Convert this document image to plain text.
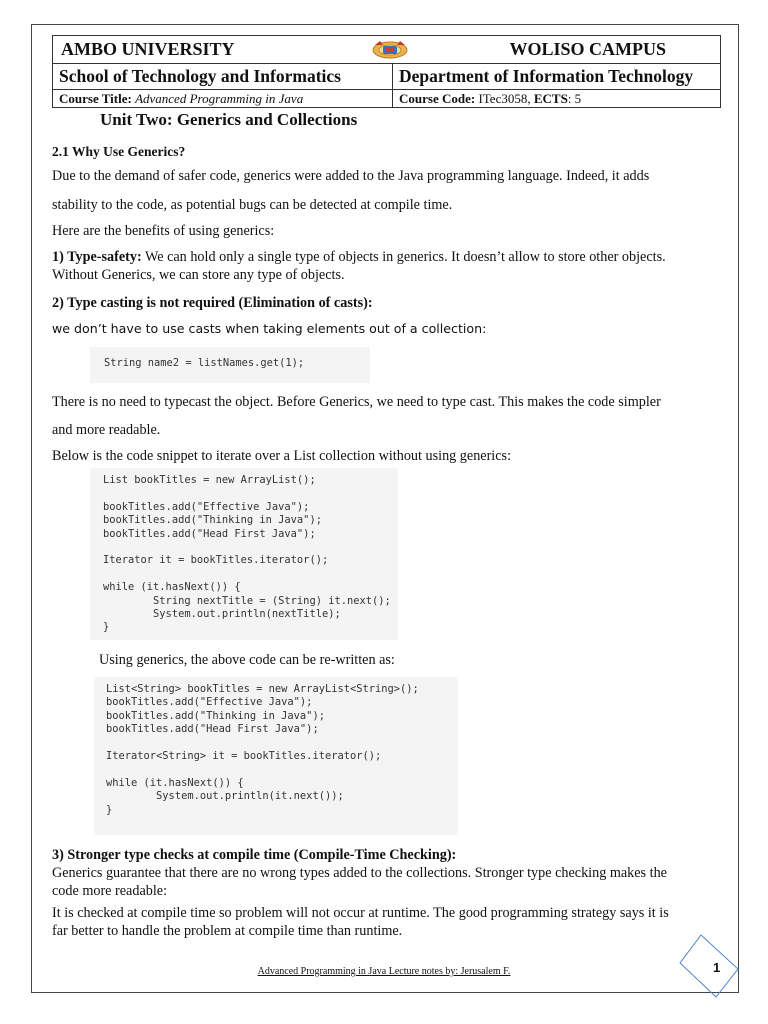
AMBO UNIVERSITY WOLISO CAMPUS	

School of Technology and Informatics	Department of Information Technology
Course Title: Advanced Programming in Java	Course Code: ITec3058, ECTS: 5
Unit Two: Generics and Collections
2.1 Why Use Generics?
Due to the demand of safer code, generics were added to the Java programming language. Indeed, it adds
stability to the code, as potential bugs can be detected at compile time.
Here are the benefits of using generics:
1) Type-safety: We can hold only a single type of objects in generics. It doesn’t allow to store other objects.
Without Generics, we can store any type of objects.
2) Type casting is not required (Elimination of casts):
we don’t have to use casts when taking elements out of a collection:
String name2 = listNames.get(1);
There is no need to typecast the object. Before Generics, we need to type cast. This makes the code simpler
and more readable.
Below is the code snippet to iterate over a List collection without using generics:
List bookTitles = new ArrayList();

bookTitles.add("Effective Java");
bookTitles.add("Thinking in Java");
bookTitles.add("Head First Java");

Iterator it = bookTitles.iterator();

while (it.hasNext()) {
String nextTitle = (String) it.next();
System.out.println(nextTitle);
}
Using generics, the above code can be re-written as:
List<String> bookTitles = new ArrayList<String>();
bookTitles.add("Effective Java");
bookTitles.add("Thinking in Java");
bookTitles.add("Head First Java");

Iterator<String> it = bookTitles.iterator();

while (it.hasNext()) {
System.out.println(it.next());
}
3) Stronger type checks at compile time (Compile-Time Checking):
Generics guarantee that there are no wrong types added to the collections. Stronger type checking makes the
code more readable:
It is checked at compile time so problem will not occur at runtime. The good programming strategy says it is
far better to handle the problem at compile time than runtime.
Advanced Programming in Java Lecture notes by: Jerusalem F.	1
